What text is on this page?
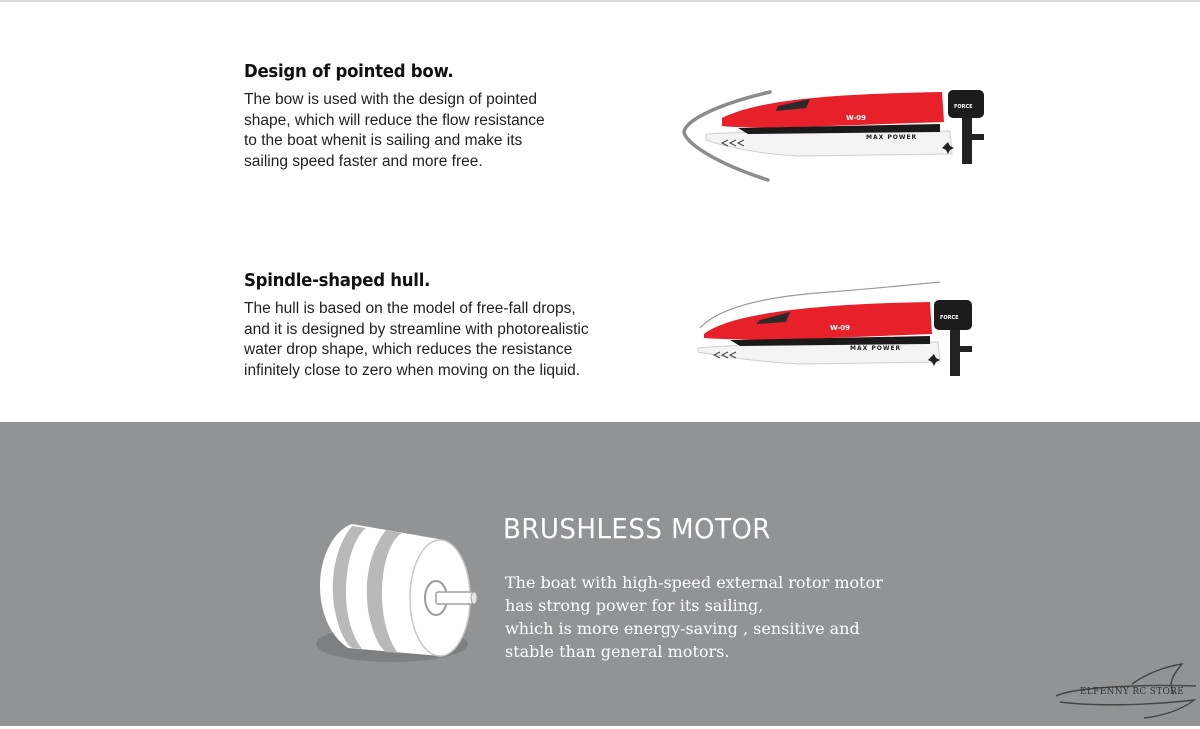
Design of pointed bow.

The bow is used with the design of pointed
shape, which will reduce the flow resistance
to the boat whenit is sailing and make its
sailing speed faster and more free.

W-09
MAX POWER
FORCE
Spindle-shaped hull.

The hull is based on the model of free-fall drops,
and it is designed by streamline with photorealistic
water drop shape, which reduces the resistance
infinitely close to zero when moving on the liquid.

W-09
MAX POWER
FORCE
BRUSHLESS MOTOR
The boat with high-speed external rotor motor
has strong power for its sailing,
which is more energy-saving , sensitive and
stable than general motors.
ELFENNY RC STORE
